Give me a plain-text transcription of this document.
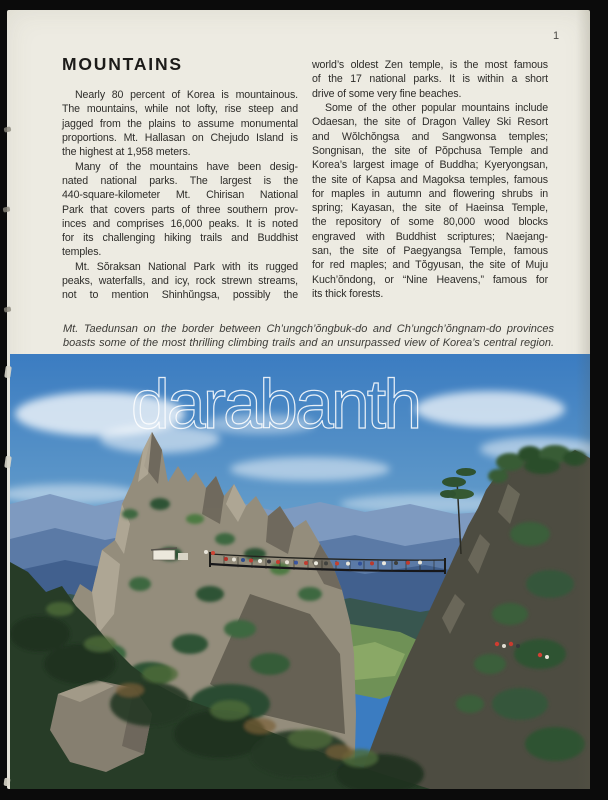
1
MOUNTAINS
Nearly 80 percent of Korea is mountainous.
The mountains, while not lofty, rise steep and
jagged from the plains to assume monumental
proportions. Mt. Hallasan on Chejudo Island is
the highest at 1,958 meters.
Many of the mountains have been desig-
nated national parks. The largest is the
440-square-kilometer Mt. Chirisan National
Park that covers parts of three southern prov-
inces and comprises 16,000 peaks. It is noted
for its challenging hiking trails and Buddhist
temples.
Mt. Sŏraksan National Park with its rugged
peaks, waterfalls, and icy, rock strewn streams,
not to mention Shinhŭngsa, possibly the
world’s oldest Zen temple, is the most famous
of the 17 national parks. It is within a short
drive of some very fine beaches.
Some of the other popular mountains include
Odaesan, the site of Dragon Valley Ski Resort
and Wŏlchŏngsa and Sangwonsa temples;
Songnisan, the site of Pŏpchusa Temple and
Korea’s largest image of Buddha; Kyeryongsan,
the site of Kapsa and Magoksa temples, famous
for maples in autumn and flowering shrubs in
spring; Kayasan, the site of Haeinsa Temple,
the repository of some 80,000 wood blocks
engraved with Buddhist scriptures; Naejang-
san, the site of Paegyangsa Temple, famous
for red maples; and Tŏgyusan, the site of Muju
Kuch’ŏndong, or “Nine Heavens,” famous for
its thick forests.
Mt. Taedunsan on the border between Ch’ungch’ŏngbuk-do and Ch’ungch’ŏngnam-do provinces
boasts some of the most thrilling climbing trails and an unsurpassed view of Korea’s central region.
darabanth
